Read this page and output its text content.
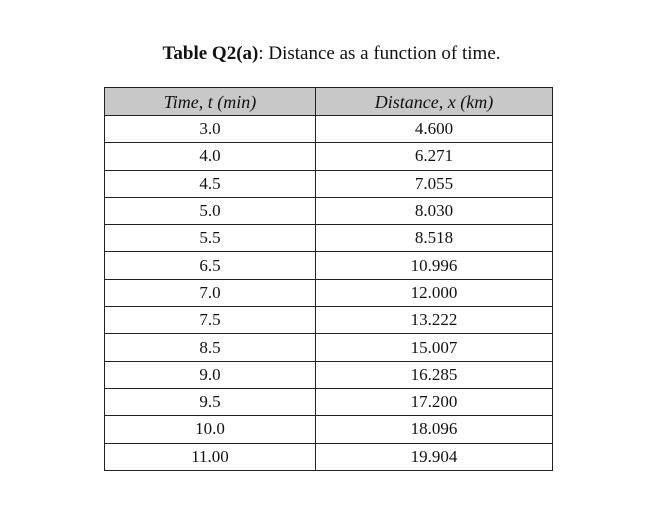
Table Q2(a): Distance as a function of time.
Time, t (min)	Distance, x (km)
3.0	4.600
4.0	6.271
4.5	7.055
5.0	8.030
5.5	8.518
6.5	10.996
7.0	12.000
7.5	13.222
8.5	15.007
9.0	16.285
9.5	17.200
10.0	18.096
11.00	19.904
